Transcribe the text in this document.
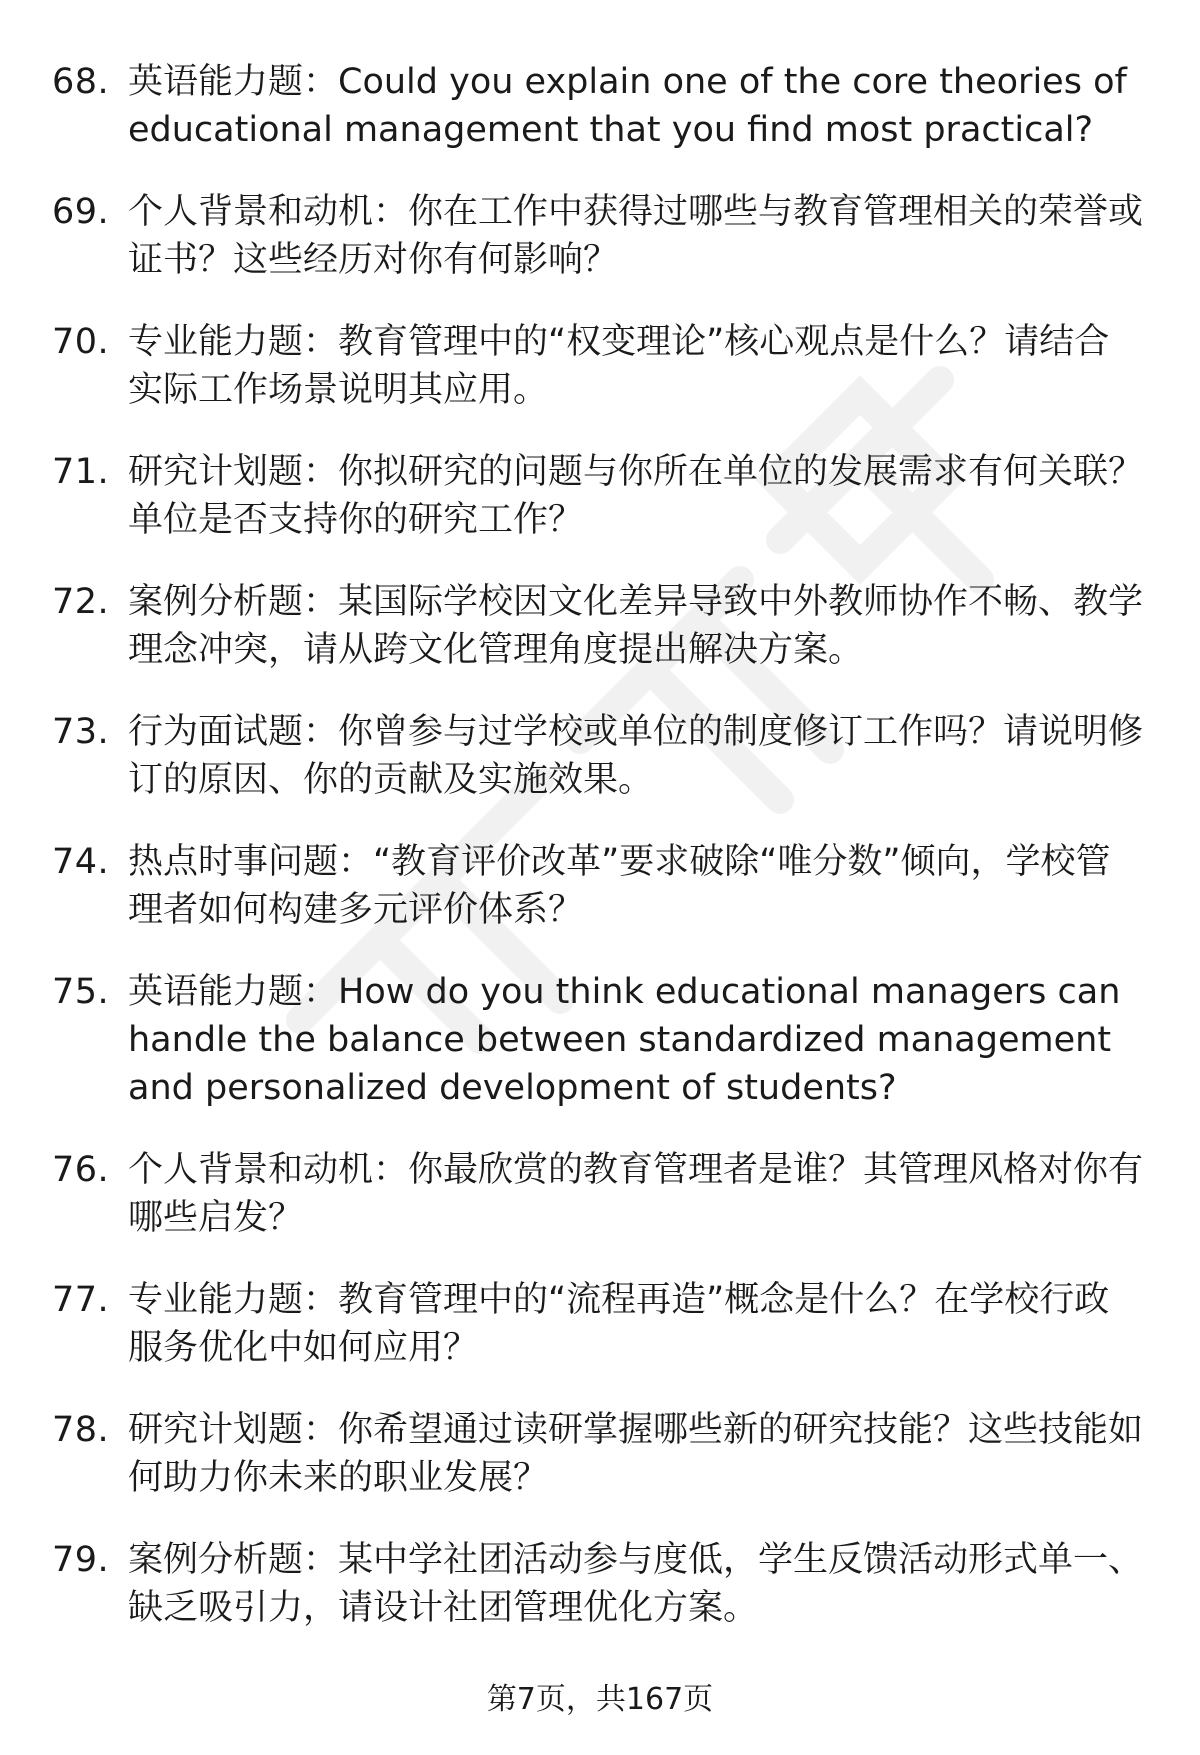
68. 英语能力题：Could you explain one of the core theories of educational management that you find most practical?
69. 个人背景和动机：你在工作中获得过哪些与教育管理相关的荣誉或证书？这些经历对你有何影响？
70. 专业能力题：教育管理中的“权变理论”核心观点是什么？请结合实际工作场景说明其应用。
71. 研究计划题：你拟研究的问题与你所在单位的发展需求有何关联？单位是否支持你的研究工作？
72. 案例分析题：某国际学校因文化差异导致中外教师协作不畅、教学理念冲突，请从跨文化管理角度提出解决方案。
73. 行为面试题：你曾参与过学校或单位的制度修订工作吗？请说明修订的原因、你的贡献及实施效果。
74. 热点时事问题：“教育评价改革”要求破除“唯分数”倾向，学校管理者如何构建多元评价体系？
75. 英语能力题：How do you think educational managers can handle the balance between standardized management and personalized development of students?
76. 个人背景和动机：你最欣赏的教育管理者是谁？其管理风格对你有哪些启发？
77. 专业能力题：教育管理中的“流程再造”概念是什么？在学校行政服务优化中如何应用？
78. 研究计划题：你希望通过读研掌握哪些新的研究技能？这些技能如何助力你未来的职业发展？
79. 案例分析题：某中学社团活动参与度低，学生反馈活动形式单一、缺乏吸引力，请设计社团管理优化方案。
第7页，共167页
